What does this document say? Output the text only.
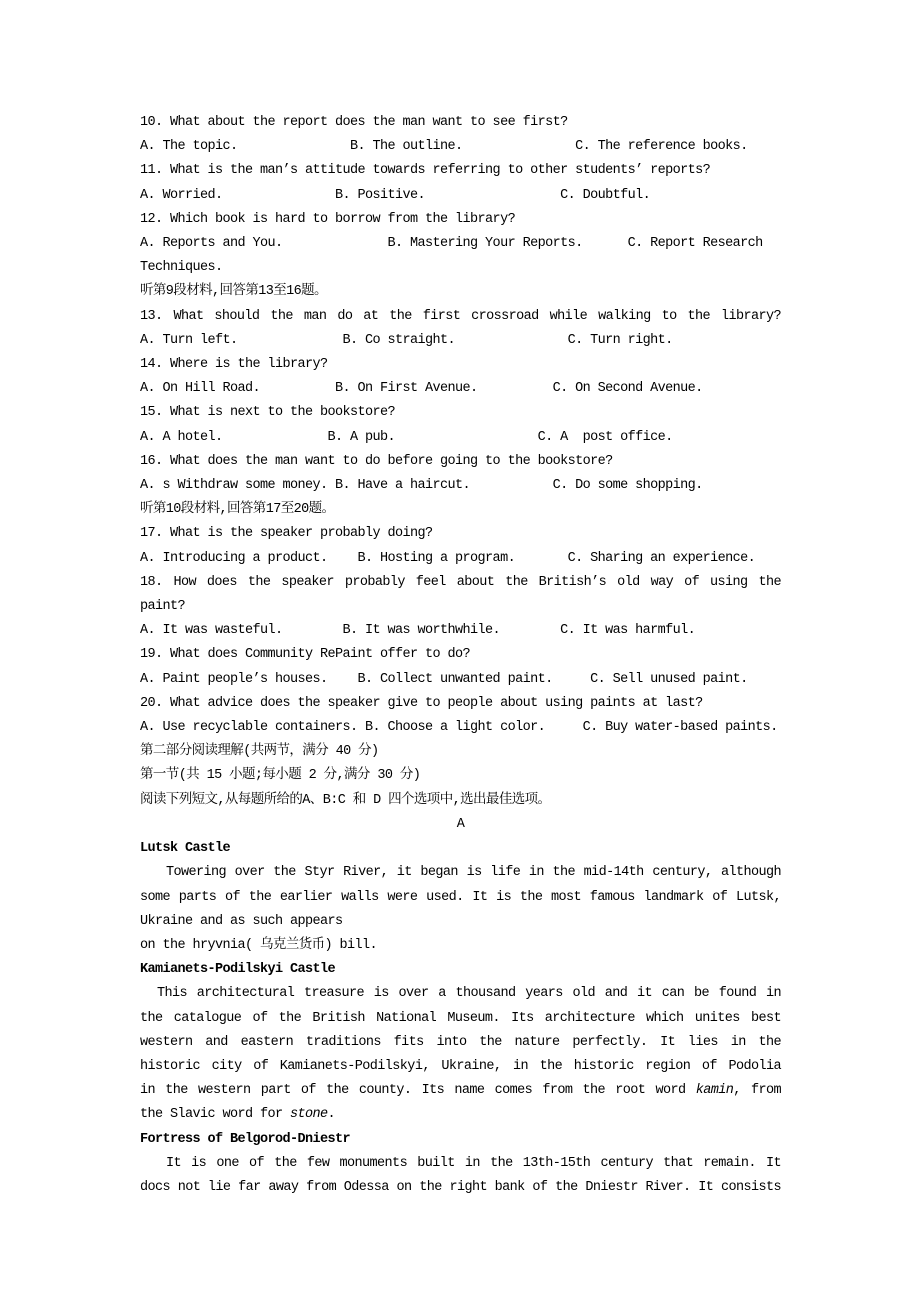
10. What about the report does the man want to see first?
A. The topic.               B. The outline.               C. The reference books.
11. What is the man’s attitude towards referring to other students’ reports?
A. Worried.               B. Positive.                  C. Doubtful.
12. Which book is hard to borrow from the library?
A. Reports and You.              B. Mastering Your Reports.      C. Report Research
Techniques.
听第9段材料,回答第13至16题。
13. What should the man do at the first crossroad while walking to the library?
A. Turn left.              B. Co straight.               C. Turn right.
14. Where is the library?
A. On Hill Road.          B. On First Avenue.          C. On Second Avenue.
15. What is next to the bookstore?
A. A hotel.              B. A pub.                   C. A  post office.
16. What does the man want to do before going to the bookstore?
A. s Withdraw some money. B. Have a haircut.           C. Do some shopping.
听第10段材料,回答第17至20题。
17. What is the speaker probably doing?
A. Introducing a product.    B. Hosting a program.       C. Sharing an experience.
18. How does the speaker probably feel about the British’s old way of using the paint?
A. It was wasteful.        B. It was worthwhile.        C. It was harmful.
19. What does Community RePaint offer to do?
A. Paint people’s houses.    B. Collect unwanted paint.     C. Sell unused paint.
20. What advice does the speaker give to people about using paints at last?
A. Use recyclable containers. B. Choose a light color.     C. Buy water-based paints.
第二部分阅读理解(共两节，满分 40 分)
第一节(共 15 小题;每小题 2 分,满分 30 分)
阅读下列短文,从每题所给的A、B:C 和 D 四个选项中,选出最佳选项。
A
Lutsk Castle
Towering over the Styr River, it began is life in the mid-14th century, although
some parts of the earlier walls were used. It is the most famous landmark of Lutsk,
Ukraine and as such appears
on the hryvnia( 乌克兰货币) bill.
Kamianets-Podilskyi Castle
This architectural treasure is over a thousand years old and it can be found in
the catalogue of the British National Museum. Its architecture which unites best
western and eastern traditions fits into the nature perfectly. It lies in the
historic city of Kamianets-Podilskyi, Ukraine, in the historic region of Podolia
in the western part of the county. Its name comes from the root word kamin, from
the Slavic word for stone.
Fortress of Belgorod-Dniestr
It is one of the few monuments built in the 13th-15th century that remain. It
docs not lie far away from Odessa on the right bank of the Dniestr River. It consists
